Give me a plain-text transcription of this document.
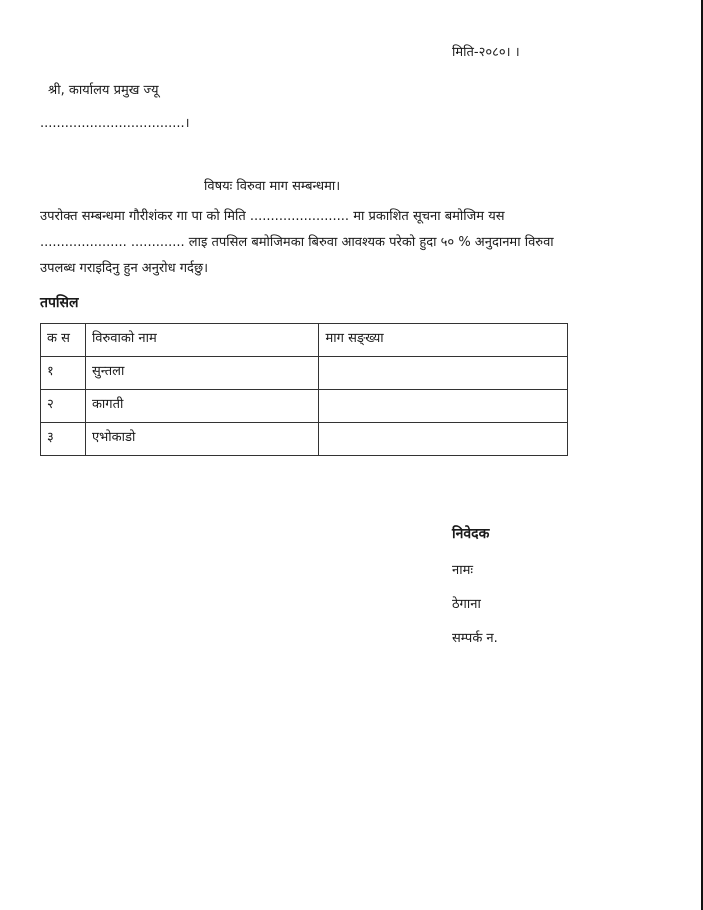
मिति-२०८०। ।
श्री, कार्यालय प्रमुख ज्यू
...................................।
विषयः विरुवा माग सम्बन्धमा।
उपरोक्त सम्बन्धमा गौरीशंकर गा पा को मिति ........................ मा प्रकाशित सूचना बमोजिम यस
..................... ............. लाइ तपसिल बमोजिमका बिरुवा आवश्यक परेको हुदा ५० % अनुदानमा विरुवा
उपलब्ध गराइदिनु हुन अनुरोध गर्दछु।
तपसिल
क स	विरुवाको नाम	माग सङ्ख्या
१	सुन्तला	
२	कागती	
३	एभोकाडो	
निवेदक
नामः
ठेगाना
सम्पर्क न.
